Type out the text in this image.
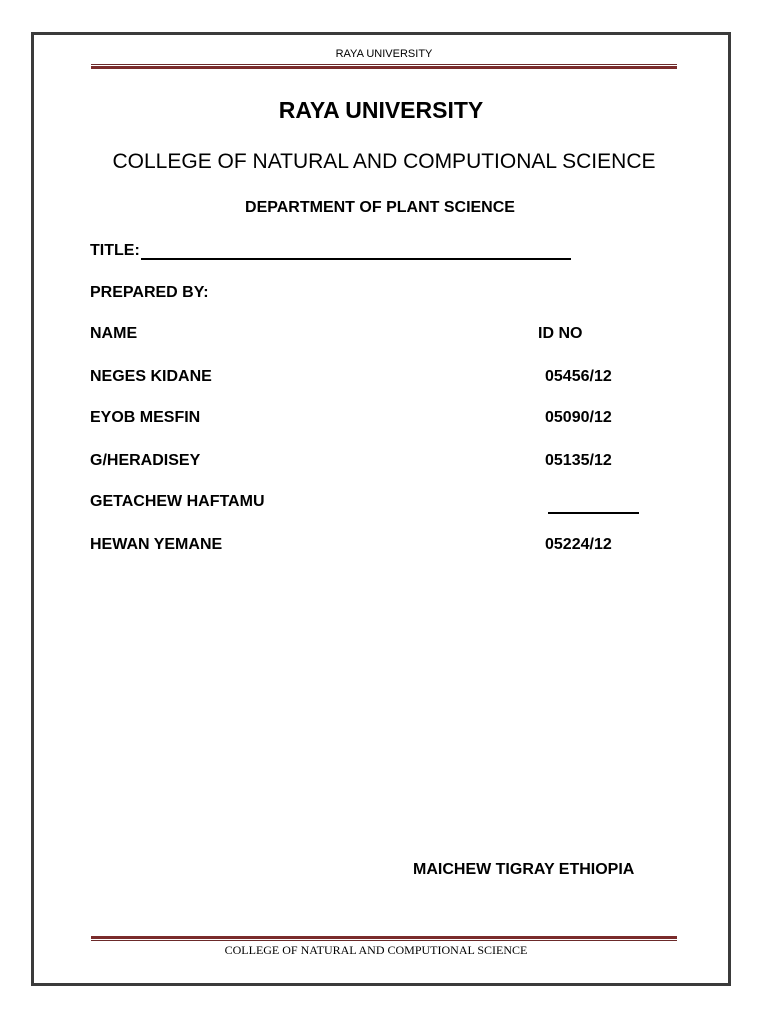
RAYA UNIVERSITY
RAYA UNIVERSITY
COLLEGE OF NATURAL AND COMPUTIONAL SCIENCE
DEPARTMENT OF PLANT SCIENCE
TITLE:
PREPARED BY:
NAME	ID NO
NEGES KIDANE	05456/12
EYOB MESFIN	05090/12
G/HERADISEY	05135/12
GETACHEW HAFTAMU
HEWAN YEMANE	05224/12
MAICHEW TIGRAY ETHIOPIA
COLLEGE OF NATURAL AND COMPUTIONAL SCIENCE
